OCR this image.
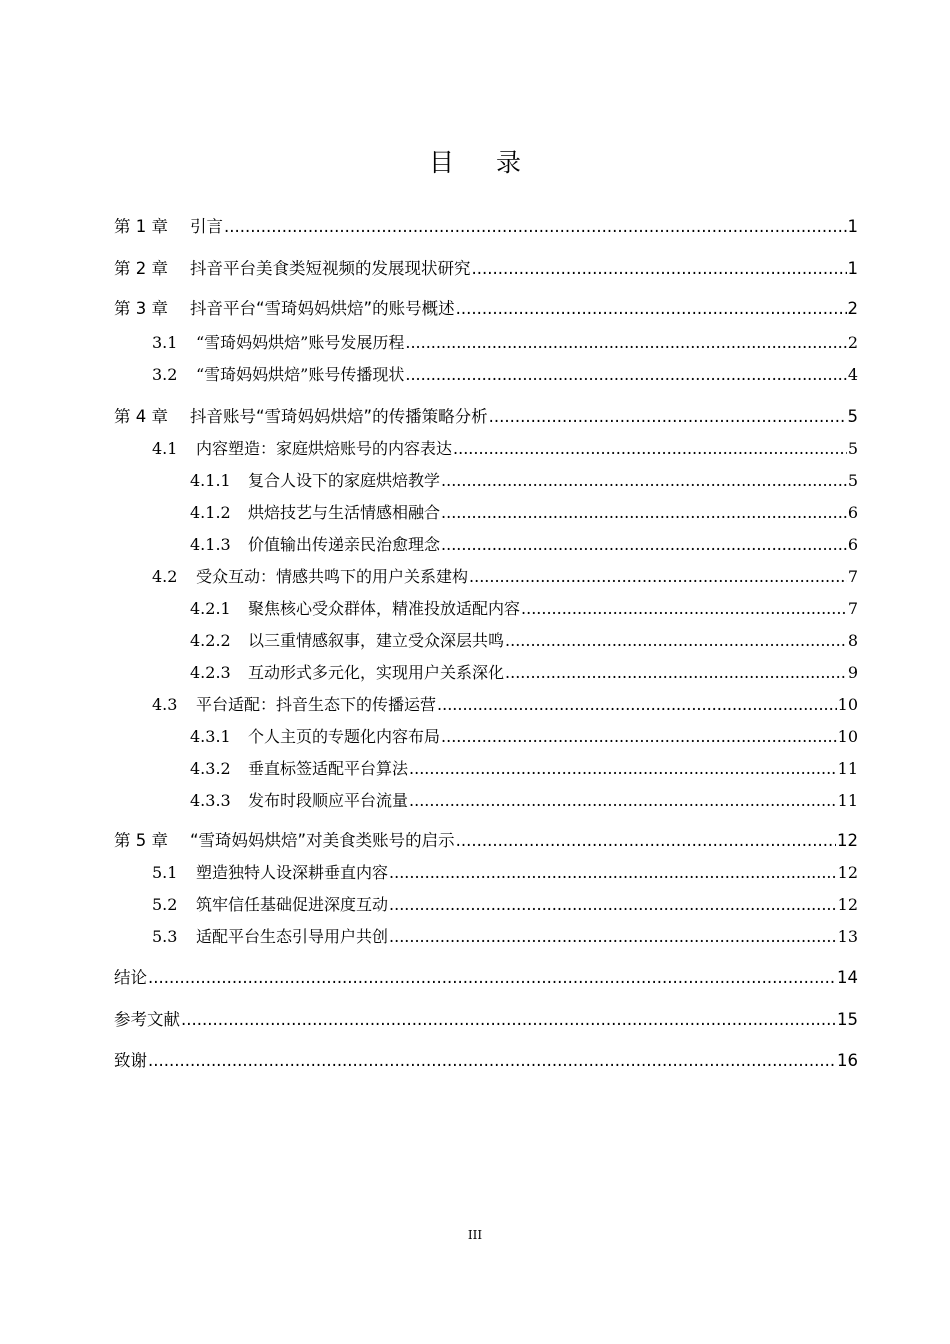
目 录
第 1 章	引言 .....	1
第 2 章	抖音平台美食类短视频的发展现状研究 .....	1
第 3 章	抖音平台“雪琦妈妈烘焙”的账号概述 .....	2
3.1	“雪琦妈妈烘焙”账号发展历程 .....	2
3.2	“雪琦妈妈烘焙”账号传播现状 .....	4
第 4 章	抖音账号“雪琦妈妈烘焙”的传播策略分析 .....	5
4.1	内容塑造：家庭烘焙账号的内容表达 .....	5
4.1.1	复合人设下的家庭烘焙教学 .....	5
4.1.2	烘焙技艺与生活情感相融合 .....	6
4.1.3	价值输出传递亲民治愈理念 .....	6
4.2	受众互动：情感共鸣下的用户关系建构 .....	7
4.2.1	聚焦核心受众群体，精准投放适配内容 .....	7
4.2.2	以三重情感叙事，建立受众深层共鸣 .....	8
4.2.3	互动形式多元化，实现用户关系深化 .....	9
4.3	平台适配：抖音生态下的传播运营 .....	10
4.3.1	个人主页的专题化内容布局 .....	10
4.3.2	垂直标签适配平台算法 .....	11
4.3.3	发布时段顺应平台流量 .....	11
第 5 章	“雪琦妈妈烘焙”对美食类账号的启示 .....	12
5.1	塑造独特人设深耕垂直内容 .....	12
5.2	筑牢信任基础促进深度互动 .....	12
5.3	适配平台生态引导用户共创 .....	13
结论 .....	14
参考文献 .....	15
致谢 .....	16
III
